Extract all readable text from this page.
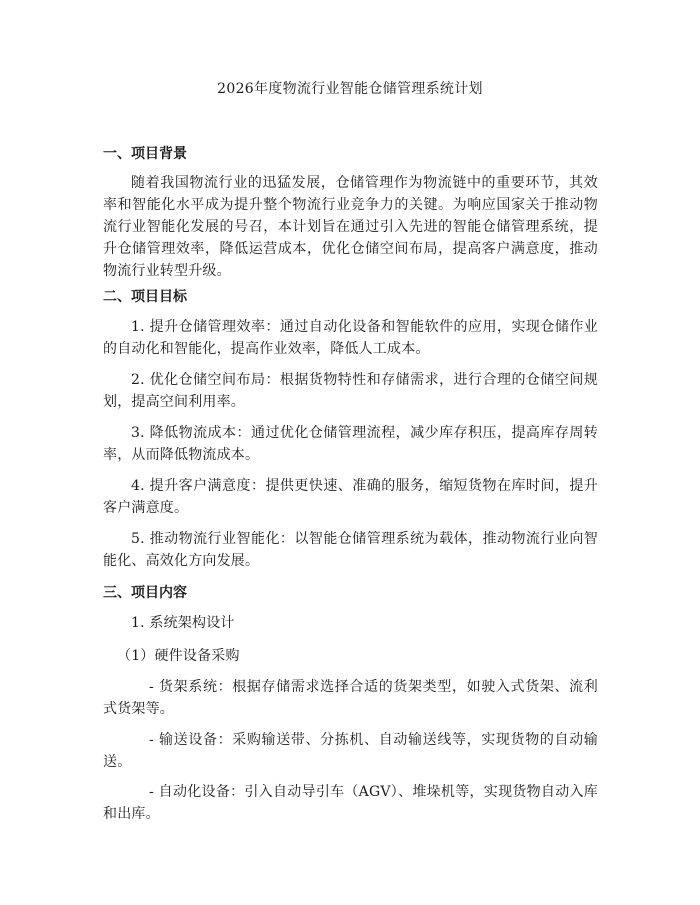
2026年度物流行业智能仓储管理系统计划
一、项目背景
随着我国物流行业的迅猛发展，仓储管理作为物流链中的重要环节，其效率和智能化水平成为提升整个物流行业竞争力的关键。为响应国家关于推动物流行业智能化发展的号召，本计划旨在通过引入先进的智能仓储管理系统，提升仓储管理效率，降低运营成本，优化仓储空间布局，提高客户满意度，推动物流行业转型升级。
二、项目目标
1. 提升仓储管理效率：通过自动化设备和智能软件的应用，实现仓储作业的自动化和智能化，提高作业效率，降低人工成本。
2. 优化仓储空间布局：根据货物特性和存储需求，进行合理的仓储空间规划，提高空间利用率。
3. 降低物流成本：通过优化仓储管理流程，减少库存积压，提高库存周转率，从而降低物流成本。
4. 提升客户满意度：提供更快速、准确的服务，缩短货物在库时间，提升客户满意度。
5. 推动物流行业智能化：以智能仓储管理系统为载体，推动物流行业向智能化、高效化方向发展。
三、项目内容
1. 系统架构设计
（1）硬件设备采购
- 货架系统：根据存储需求选择合适的货架类型，如驶入式货架、流利式货架等。
- 输送设备：采购输送带、分拣机、自动输送线等，实现货物的自动输送。
- 自动化设备：引入自动导引车（AGV）、堆垛机等，实现货物自动入库和出库。
